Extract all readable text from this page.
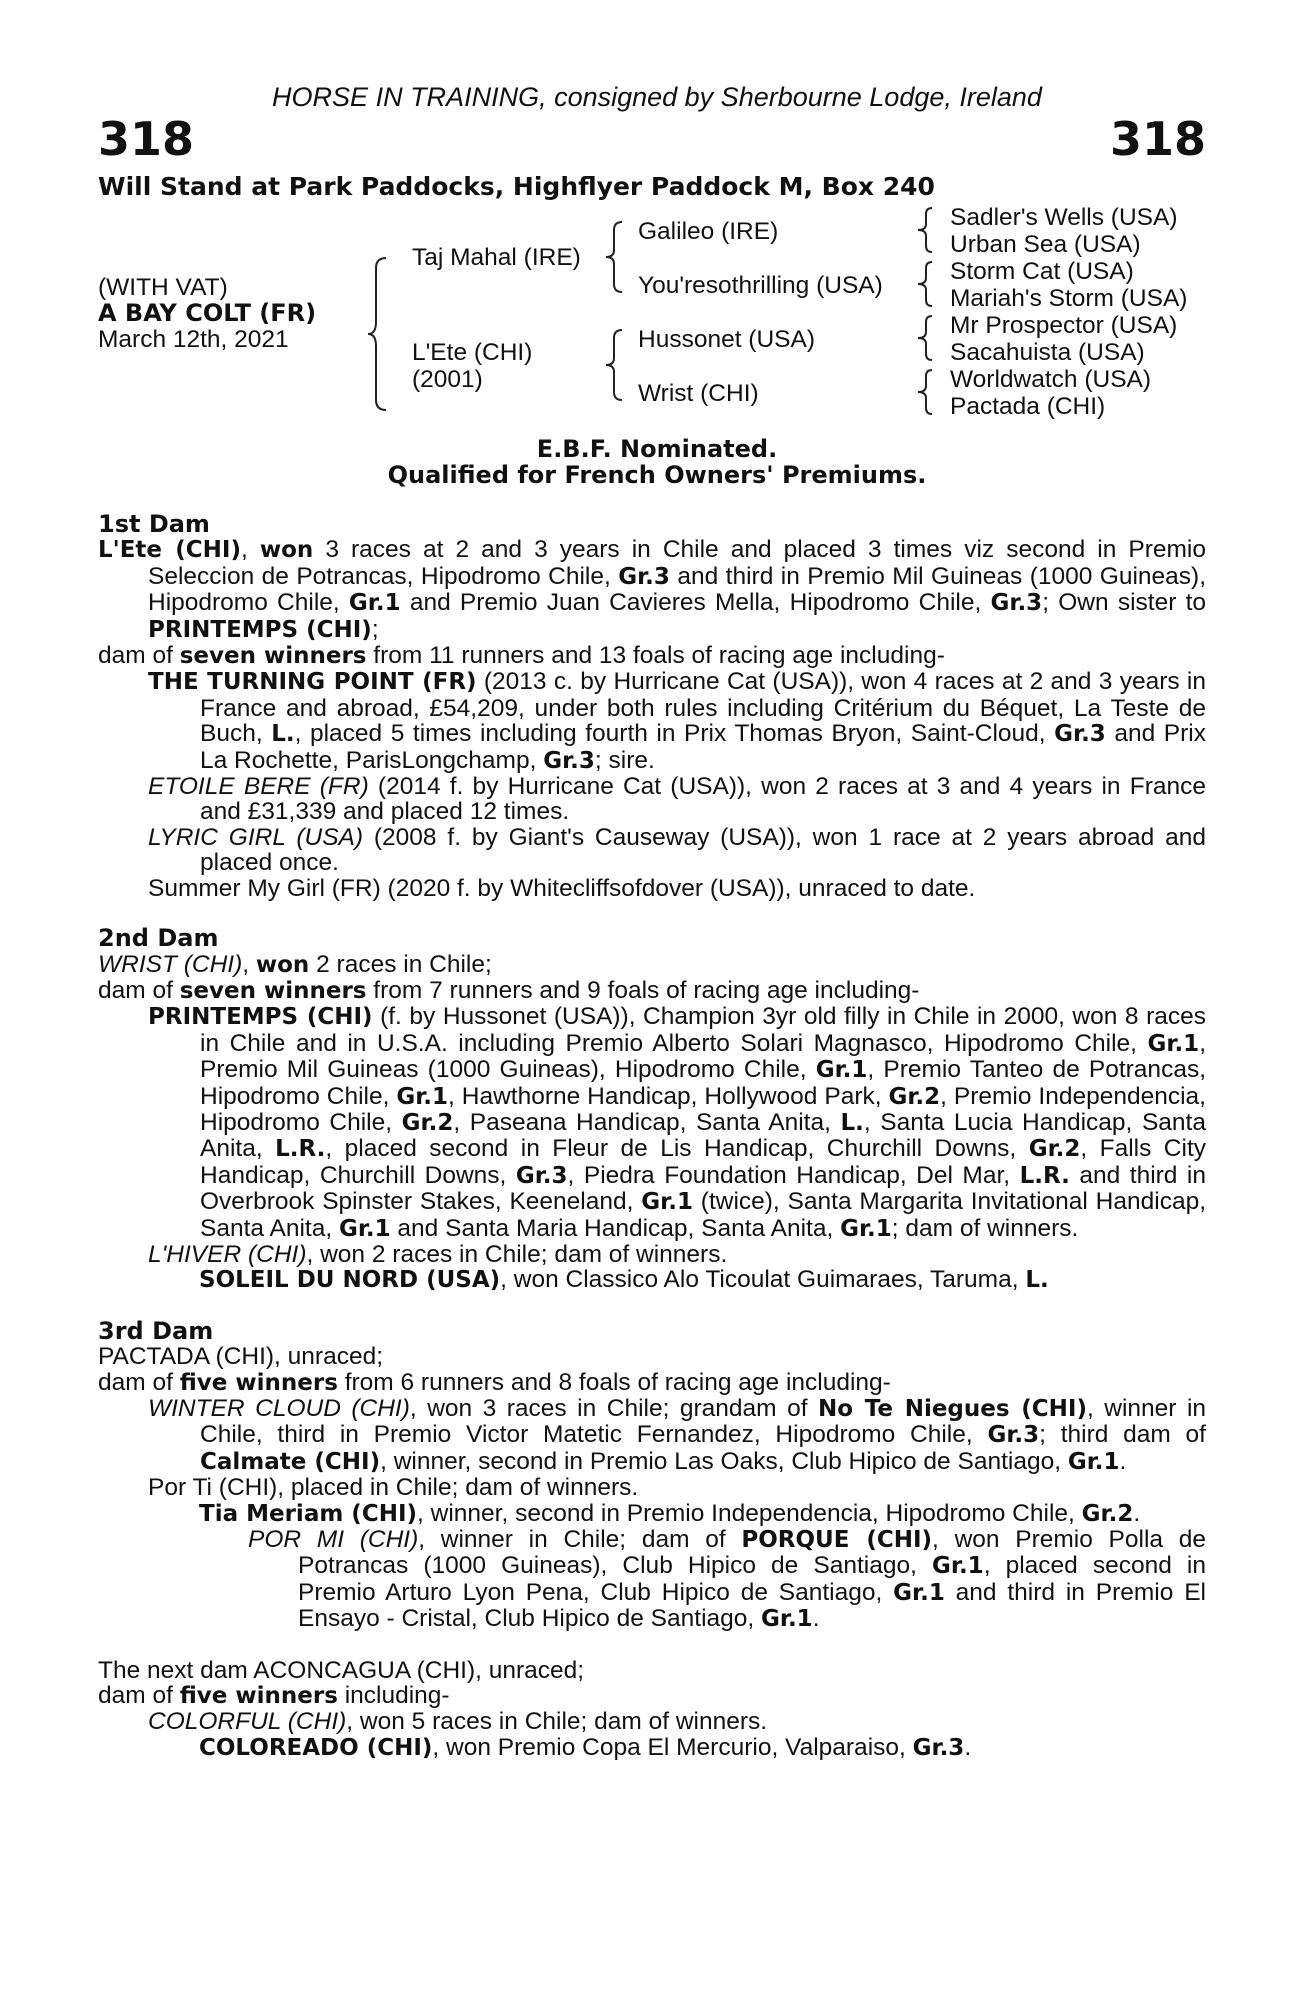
HORSE IN TRAINING, consigned by Sherbourne Lodge, Ireland
318	318
Will Stand at Park Paddocks, Highflyer Paddock M, Box 240
(WITH VAT)
A BAY COLT (FR)
March 12th, 2021
Taj Mahal (IRE)
L'Ete (CHI)
(2001)
Galileo (IRE)
You'resothrilling (USA)
Hussonet (USA)
Wrist (CHI)
Sadler's Wells (USA)
Urban Sea (USA)
Storm Cat (USA)
Mariah's Storm (USA)
Mr Prospector (USA)
Sacahuista (USA)
Worldwatch (USA)
Pactada (CHI)
E.B.F. Nominated.
Qualified for French Owners' Premiums.

1st Dam

L'Ete (CHI), won 3 races at 2 and 3 years in Chile and placed 3 times viz second in Premio Seleccion de Potrancas, Hipodromo Chile, Gr.3 and third in Premio Mil Guineas (1000 Guineas), Hipodromo Chile, Gr.1 and Premio Juan Cavieres Mella, Hipodromo Chile, Gr.3; Own sister to PRINTEMPS (CHI);

dam of seven winners from 11 runners and 13 foals of racing age including-

THE TURNING POINT (FR) (2013 c. by Hurricane Cat (USA)), won 4 races at 2 and 3 years in France and abroad, £54,209, under both rules including Critérium du Béquet, La Teste de Buch, L., placed 5 times including fourth in Prix Thomas Bryon, Saint-Cloud, Gr.3 and Prix La Rochette, ParisLongchamp, Gr.3; sire.

ETOILE BERE (FR) (2014 f. by Hurricane Cat (USA)), won 2 races at 3 and 4 years in France and £31,339 and placed 12 times.

LYRIC GIRL (USA) (2008 f. by Giant's Causeway (USA)), won 1 race at 2 years abroad and placed once.

Summer My Girl (FR) (2020 f. by Whitecliffsofdover (USA)), unraced to date.

2nd Dam

WRIST (CHI), won 2 races in Chile;

dam of seven winners from 7 runners and 9 foals of racing age including-

PRINTEMPS (CHI) (f. by Hussonet (USA)), Champion 3yr old filly in Chile in 2000, won 8 races in Chile and in U.S.A. including Premio Alberto Solari Magnasco, Hipodromo Chile, Gr.1, Premio Mil Guineas (1000 Guineas), Hipodromo Chile, Gr.1, Premio Tanteo de Potrancas, Hipodromo Chile, Gr.1, Hawthorne Handicap, Hollywood Park, Gr.2, Premio Independencia, Hipodromo Chile, Gr.2, Paseana Handicap, Santa Anita, L., Santa Lucia Handicap, Santa Anita, L.R., placed second in Fleur de Lis Handicap, Churchill Downs, Gr.2, Falls City Handicap, Churchill Downs, Gr.3, Piedra Foundation Handicap, Del Mar, L.R. and third in Overbrook Spinster Stakes, Keeneland, Gr.1 (twice), Santa Margarita Invitational Handicap, Santa Anita, Gr.1 and Santa Maria Handicap, Santa Anita, Gr.1; dam of winners.

L'HIVER (CHI), won 2 races in Chile; dam of winners.

SOLEIL DU NORD (USA), won Classico Alo Ticoulat Guimaraes, Taruma, L.

3rd Dam

PACTADA (CHI), unraced;

dam of five winners from 6 runners and 8 foals of racing age including-

WINTER CLOUD (CHI), won 3 races in Chile; grandam of No Te Niegues (CHI), winner in Chile, third in Premio Victor Matetic Fernandez, Hipodromo Chile, Gr.3; third dam of Calmate (CHI), winner, second in Premio Las Oaks, Club Hipico de Santiago, Gr.1.

Por Ti (CHI), placed in Chile; dam of winners.

Tia Meriam (CHI), winner, second in Premio Independencia, Hipodromo Chile, Gr.2.

POR MI (CHI), winner in Chile; dam of PORQUE (CHI), won Premio Polla de Potrancas (1000 Guineas), Club Hipico de Santiago, Gr.1, placed second in Premio Arturo Lyon Pena, Club Hipico de Santiago, Gr.1 and third in Premio El Ensayo - Cristal, Club Hipico de Santiago, Gr.1.

The next dam ACONCAGUA (CHI), unraced;

dam of five winners including-

COLORFUL (CHI), won 5 races in Chile; dam of winners.

COLOREADO (CHI), won Premio Copa El Mercurio, Valparaiso, Gr.3.
